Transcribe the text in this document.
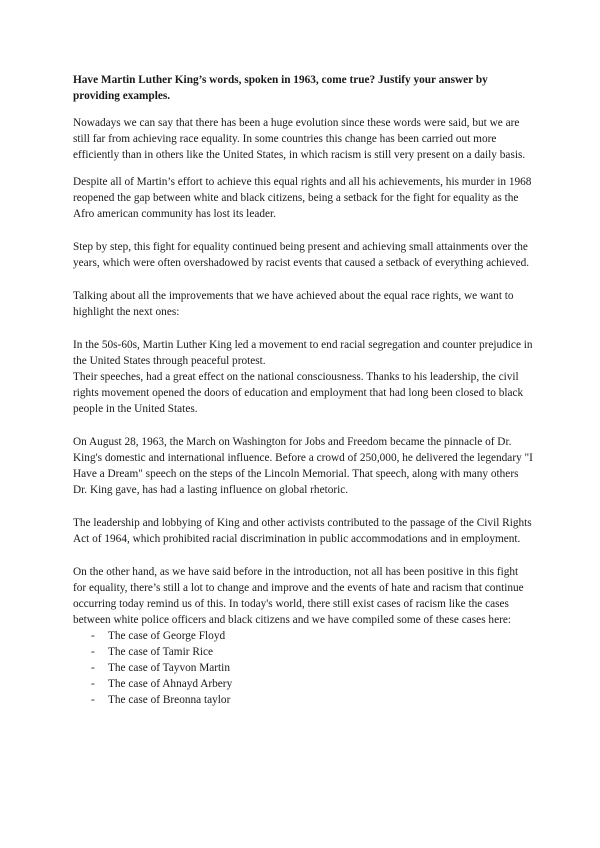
Have Martin Luther King’s words, spoken in 1963, come true? Justify your answer by providing examples.

Nowadays we can say that there has been a huge evolution since these words were said, but we are still far from achieving race equality. In some countries this change has been carried out more efficiently than in others like the United States, in which racism is still very present on a daily basis.

Despite all of Martin’s effort to achieve this equal rights and all his achievements, his murder in 1968 reopened the gap between white and black citizens, being a setback for the fight for equality as the Afro american community has lost its leader.

Step by step, this fight for equality continued being present and achieving small attainments over the years, which were often overshadowed by racist events that caused a setback of everything achieved.

Talking about all the improvements that we have achieved about the equal race rights, we want to highlight the next ones:

In the 50s-60s, Martin Luther King led a movement to end racial segregation and counter prejudice in the United States through peaceful protest.

Their speeches, had a great effect on the national consciousness. Thanks to his leadership, the civil rights movement opened the doors of education and employment that had long been closed to black people in the United States.

On August 28, 1963, the March on Washington for Jobs and Freedom became the pinnacle of Dr. King's domestic and international influence. Before a crowd of 250,000, he delivered the legendary "I Have a Dream" speech on the steps of the Lincoln Memorial. That speech, along with many others Dr. King gave, has had a lasting influence on global rhetoric.

The leadership and lobbying of King and other activists contributed to the passage of the Civil Rights Act of 1964, which prohibited racial discrimination in public accommodations and in employment.

On the other hand, as we have said before in the introduction, not all has been positive in this fight for equality, there’s still a lot to change and improve and the events of hate and racism that continue occurring today remind us of this. In today's world, there still exist cases of racism like the cases between white police officers and black citizens and we have compiled some of these cases here:

- The case of George Floyd
- The case of Tamir Rice
- The case of Tayvon Martin
- The case of Ahnayd Arbery
- The case of Breonna taylor
